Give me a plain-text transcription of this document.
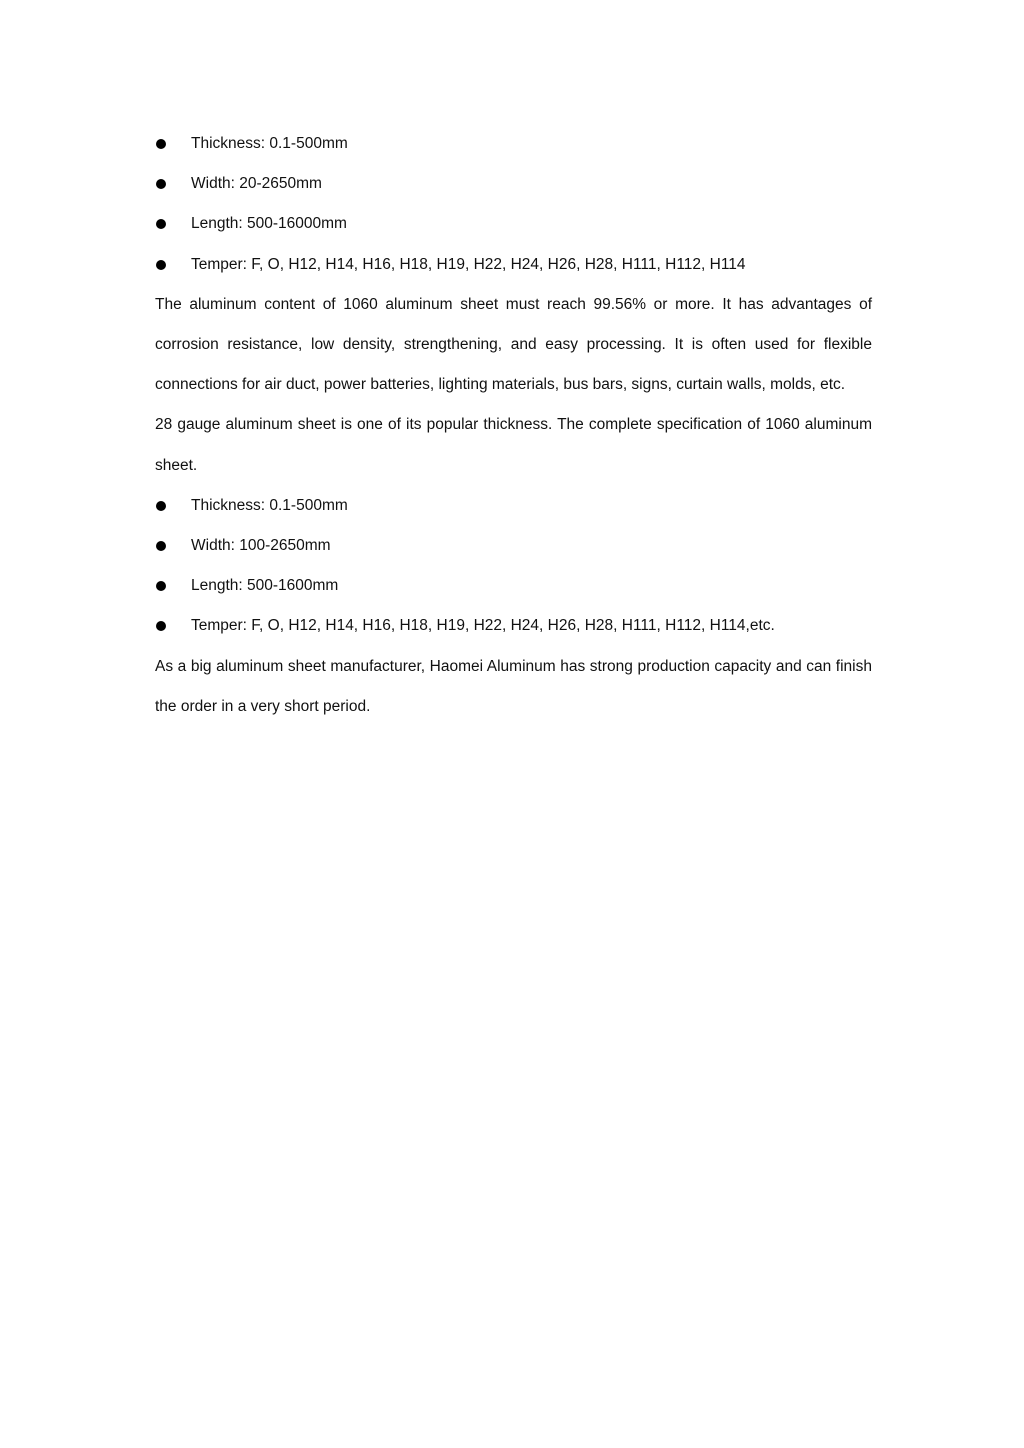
Thickness: 0.1-500mm
Width: 20-2650mm
Length: 500-16000mm
Temper: F, O, H12, H14, H16, H18, H19, H22, H24, H26, H28, H111, H112, H114

The aluminum content of 1060 aluminum sheet must reach 99.56% or more. It has advantages of corrosion resistance, low density, strengthening, and easy processing. It is often used for flexible connections for air duct, power batteries, lighting materials, bus bars, signs, curtain walls, molds, etc.

28 gauge aluminum sheet is one of its popular thickness. The complete specification of 1060 aluminum sheet.

Thickness: 0.1-500mm
Width: 100-2650mm
Length: 500-1600mm
Temper: F, O, H12, H14, H16, H18, H19, H22, H24, H26, H28, H111, H112, H114,etc.

As a big aluminum sheet manufacturer, Haomei Aluminum has strong production capacity and can finish the order in a very short period.
